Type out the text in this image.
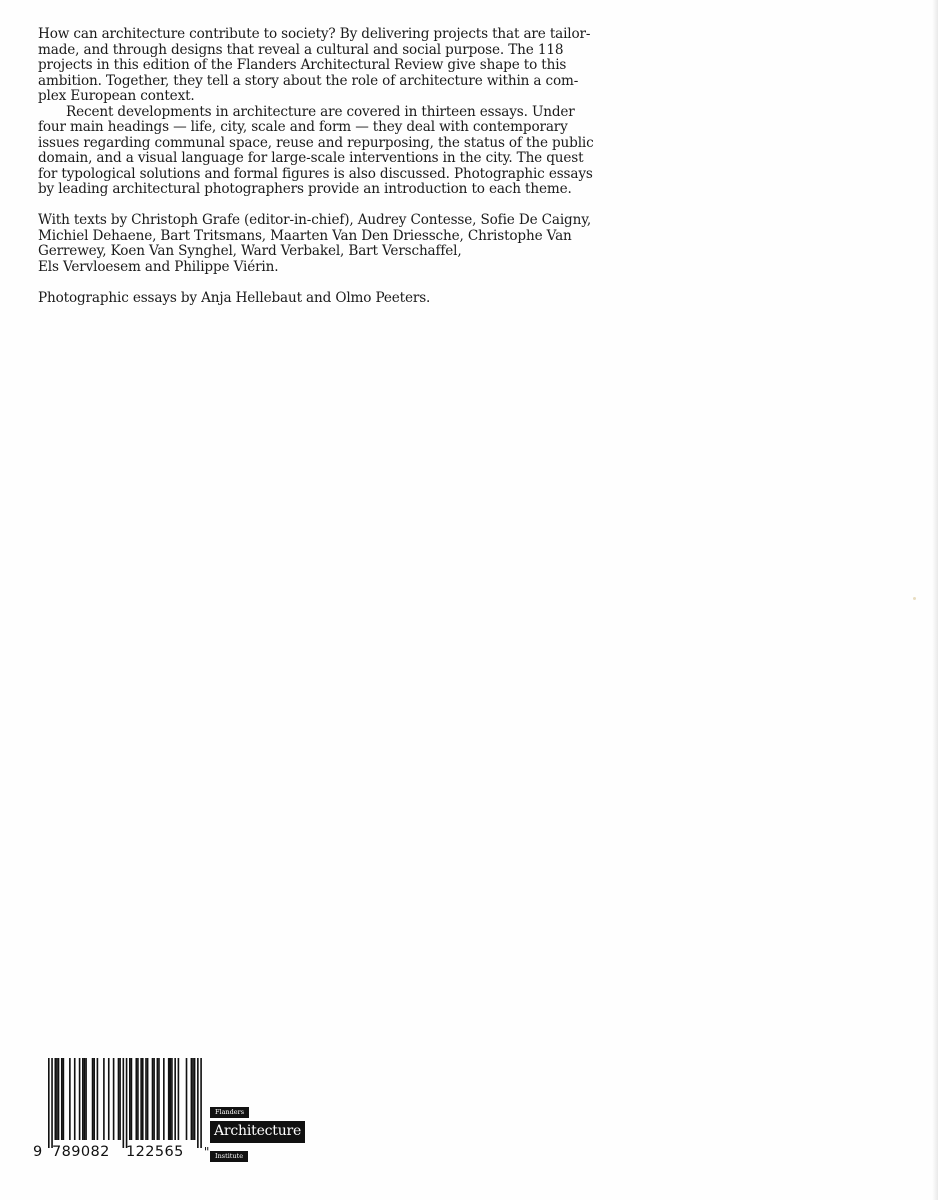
How can architecture contribute to society? By delivering projects that are tailor-
made, and through designs that reveal a cultural and social purpose. The 118
projects in this edition of the Flanders Architectural Review give shape to this
ambition. Together, they tell a story about the role of architecture within a com-
plex European context.
Recent developments in architecture are covered in thirteen essays. Under
four main headings — life, city, scale and form — they deal with contemporary
issues regarding communal space, reuse and repurposing, the status of the public
domain, and a visual language for large-scale interventions in the city. The quest
for typological solutions and formal figures is also discussed. Photographic essays
by leading architectural photographers provide an introduction to each theme.
With texts by Christoph Grafe (editor-in-chief), Audrey Contesse, Sofie De Caigny,
Michiel Dehaene, Bart Tritsmans, Maarten Van Den Driessche, Christophe Van
Gerrewey, Koen Van Synghel, Ward Verbakel, Bart Verschaffel,
Els Vervloesem and Philippe Viérin.
Photographic essays by Anja Hellebaut and Olmo Peeters.
"
9 789082 122565
Flanders
Architecture
Institute
